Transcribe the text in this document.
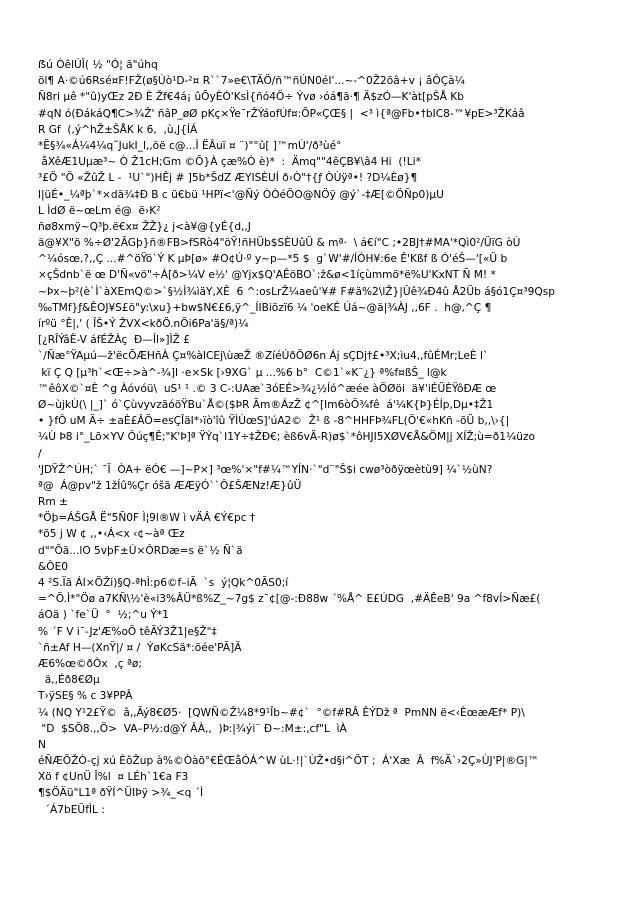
ẞú ÒêlÚÎ( ½ "Ó¦ ã"úhq
öl¶ A·©ú6Rsé¤F!FŽ(ø§Úò¹D-²¤ R``7»e€\TÄÖ/ñ™ñÚN0éI'...~-^0Ž2õâ+v ¡ âÔÇà¼
Ñ8ri µê *"û)yŒz 2Ð È Žf€4á¡ ûÕyÈÓ'KsÌ{ñó4Ö÷ Ývø ›óá¶ã·¶ Ä$zÓ—K'àt[pŠÅ Kb
#qN ó(ÐákáQ¶C>¾Ž' ñâP_øØ pKç×Ÿe¯rŽÝáofÚf¤:ÕP«ÇŒ§ |  <³ ì{ª@Fb•†bIC8-™¥pE>³ŽKáâ
R Gf  (,ý^hŽ±ŠÅK k 6,  ,ù,J{ÍÁ
*Ë§¾«Á¼4¼q˜JukI_l,,öë c@...Ì ËÂuï ¤ ¨)"°û[ ]™mÙ'/ð³ùé°
åXêÆ1Uµæ³~ Ò Ž1cH;Gm ©Õ}À çæ%Ò è)*  :  Ämq""4êÇB¥\â4 Hi  (!Li*
³£Ö "Ö «ŽûŽ L -  ¹U`")HÊj # ]5b*ŠdZ ÆYISÈUÍ ð›Ò"†{ƒ ÒÙÿª•! ?D¼Èø}¶
l|üÉ•_¼ªþ`*×dã¾‡Ð B c ü€bü ¹HPï<'@Ñý ÒÒéÖO@NÖÿ @ý`-‡Æ[©ÖÑp0)µU
L ÌdØ ë~œLm é@  ë›K²
ñø8xmÿ~Q³þ.ë€x¤ ŽŽ}¿ j<à¥@{yÉ{d,,J
ä@¥X"ö %÷Ø'2ÃGþ}ñ®FB>fSRò4"öŸ!ñHÜb$SÈUûÜ & mª·  \ á€í"C ;•2BJ†#MA'*Qì0²/ÜïG òÙ
^¼ósœ,?,,Ç ...#^öŸö`Ý K µÞ[ø» #O¢Ú·º y~p—*5 $  g`W'#/ÍÓH¥:6e Ê'Kßf ß Ó'éŠ—'[«Ü b
×çŠdnb`ë œ D'Ñ«vö"÷Á[ð>¼V e½' @Yjx$Q'AÊöBO`:ž&ø<1íçùmmö*ë%U'KxNT Ñ M! *
~Þx~þ²(è`Ì`àXEmQ©>`§½Ì¾ìäY,XÊ  6 ^:osLrŽ¼aeû'¥# F#ä%2\lŽ}|Ûê¾Ð4û Å2Üb á§ó1Ç¤³9Qsp
‰TMf}ƒ&ÊOJ¥S£ö"y:\xu}+bw$N€£6,ÿ^_ÍIBiözï6 ¼ 'oeKÉ Úá~@ä|¾ÀJ ,,6F .  h@,^Ç ¶
írºü °Ê|,' ( ÎŠ•Ý ŽVX<kðÖ.nÕi6Pa'ä§/ª)¼
[¿RÎÝâÊ-V áfÉŽÀç  Ð—Íl»]ÌŽ £
`/Ñæ°ŸAµú—ž'ëcÕÆHñÀ Ç¤%àICEj\ùæŽ ®ZíéÚðÖØ6n Áj sÇDj†£•³X;ìu4,,fûÉMr;LeÈ l`
kï Ç Q [µ³h`<Œ÷>à^-¾]I ·e×Sk [›9XG` µ ...%6 b°  C©1`«K¨¿} ª%f¤ßŠ_ l@k
™êôX©`¤È ^g Àóvóü\  uS¹ ¹ .© 3 C-:UAæ`3óEÉ>¾¿½Íó^æée àÖØöi  ä¥'iÉÜÈŸôÐÆ œ
Ø~ùjkÙ(\ |_]` ó`ÇùvyvzãóöŸBu`Å©($ÞR Ãm®ÁzŽ ¢^[Im6òÖ¾fê  á'¼K{Þ}ÉÍp,Dµ•‡Ž1
• }fÔ uM Ä÷ ±aÈ£ÂÕ=esÇÎäI*›ïò'îû ŸÌÙœS]'úA2©  Ž¹ ß -8^HHFÞ¾FL(Ö'€«hKñ -õÜ b,,\›{|
¼Ù Þ8 i°_Lõ×YV Ôúç¶Ê;"K'Þ]ª ŸÝq`I1Y÷‡ŽÐ€; èß6vÄ-R)ø$`*ôHJI5XØV€Å&ÖM|j XÍŽ;ù=ð1¼üzo
/
'JDŸŽ^ÚH;` ¯Ï  ÒA+ ëÓ€ —]~P×] ³œ%'×"f#¼™YÍN·`"d¨"Š$i cwø³òðÿœètù9] ¼`½ùN?
ª@  Á@pv"ž 1žÍû%Çr óšã ÆÆÿÓ``Ô£ŠÆNz!Æ}ûÜ
Rm ±
*Öþ=ÁŠGÅ Ë"5Ñ0F Ì¦9l®W ì vÄÂ €Ý€pc †
*õ5 j W ¢ ,,•‹Á<x ‹¢~àª Œz
d""Õã...lO 5vþF±Ú×ÔRDæ=s ë`½ Ñ`ä
&ÔE0
4 ²S.Ïã ÁI×ÕŽi)§Q-ªhÌ:p6©f–iÃ  `s  ý¦Qk^0ÃS0;í
=^Õ.Ì*"Öø a7KÑ\½'è«i3%ÂÜ*ß%Z_~7g$ z¯¢[@-:Ð88w ´%Å^ E£ÚDG  ,#ÄÊeB' 9a ^f8vÍ>Ñæ£(
áOä ) `fe`Ü  °  ½;^u Ý*1
% ´F V i¯-Jz'Æ%oÕ têÃÝ3Ž1|e§Ž"‡
`ñ±Af H—(XnŸ|/ ¤ /  ÝøKcSä*:õée'PÃ]Ä
Æ6%œ©ðÒx  ,ç ªø;
ä,,Éð8€Øµ
T›ÿSE§ % c 3¥PPÂ
¼ (NQ Y¹2£Ÿ©  â,,Ãý8€Ø5·  [QWÑ©Ž¼8*9¹Îb~#¢`  °©f#RÂ ÊÝDž ª  PmNN ë<‹ÈœæÆf* P)\
"D  $SÖ8.,,Ö>  VA–P½:d@Ý ÂÀ,,  )Þ:|¾ýi¨ Ð~:M±:,cf"L  ìÀ
N
éÑÆÕŽÒ-çj xú ÈôŽup à%©Òàõ°€ÉŒåÓÁ^W ùL·!|`ÙŽ•d§i^ÖT ;  Á'Xæ  Â  f%Ã`›2Ç»ÙJ'P|®G|™
Xö f ¢UnÜ Î%l  ¤ LÉh`1€a F3
¶$ÖÄü"L1ª ðŸÍ^ÜIÞÿ >¾_<q ´Ì
´Á7bEÜfÌL :
